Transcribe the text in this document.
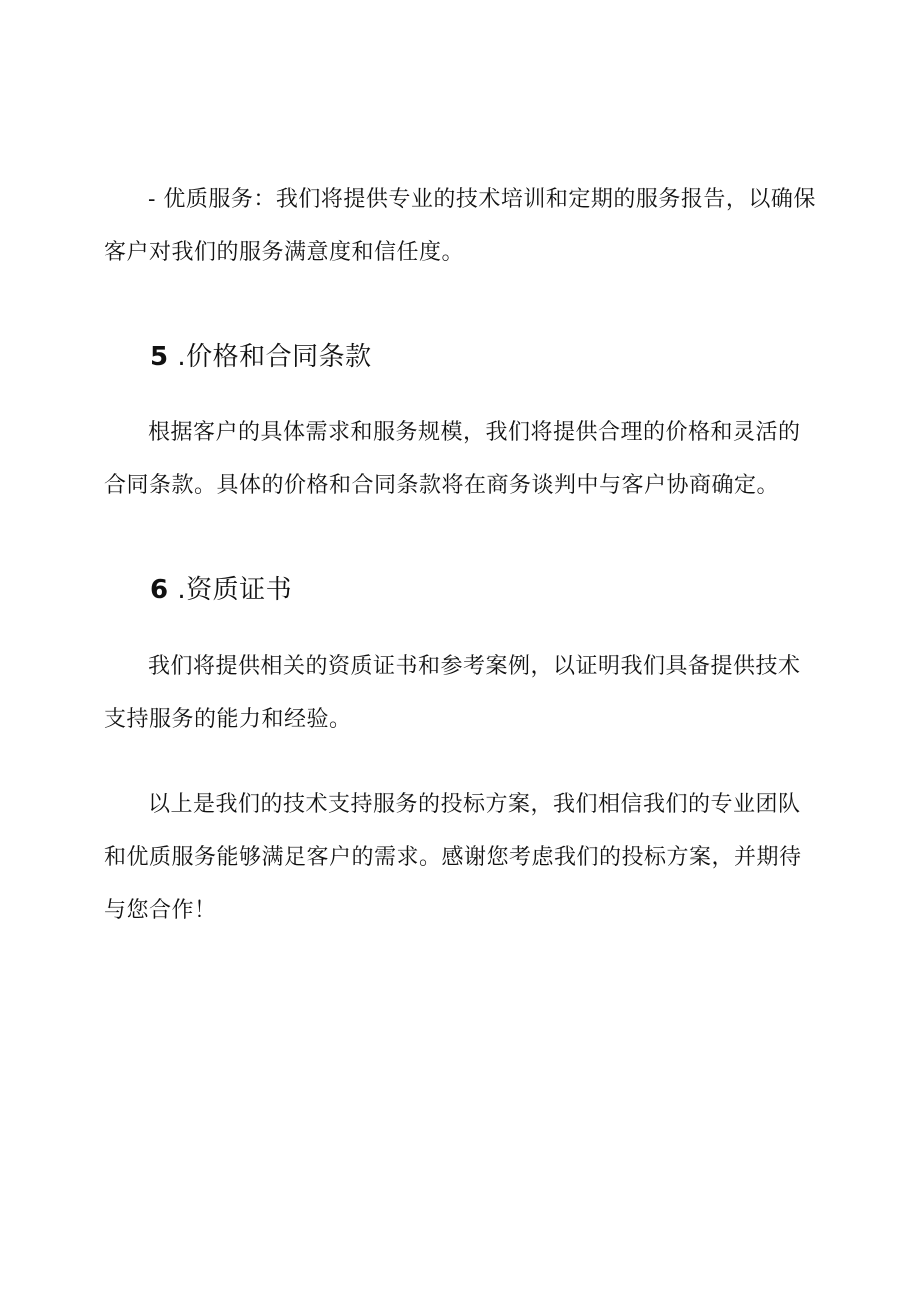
- 优质服务：我们将提供专业的技术培训和定期的服务报告，以确保客户对我们的服务满意度和信任度。

5 .价格和合同条款

根据客户的具体需求和服务规模，我们将提供合理的价格和灵活的合同条款。具体的价格和合同条款将在商务谈判中与客户协商确定。

6 .资质证书

我们将提供相关的资质证书和参考案例，以证明我们具备提供技术支持服务的能力和经验。

以上是我们的技术支持服务的投标方案，我们相信我们的专业团队和优质服务能够满足客户的需求。感谢您考虑我们的投标方案，并期待与您合作！
